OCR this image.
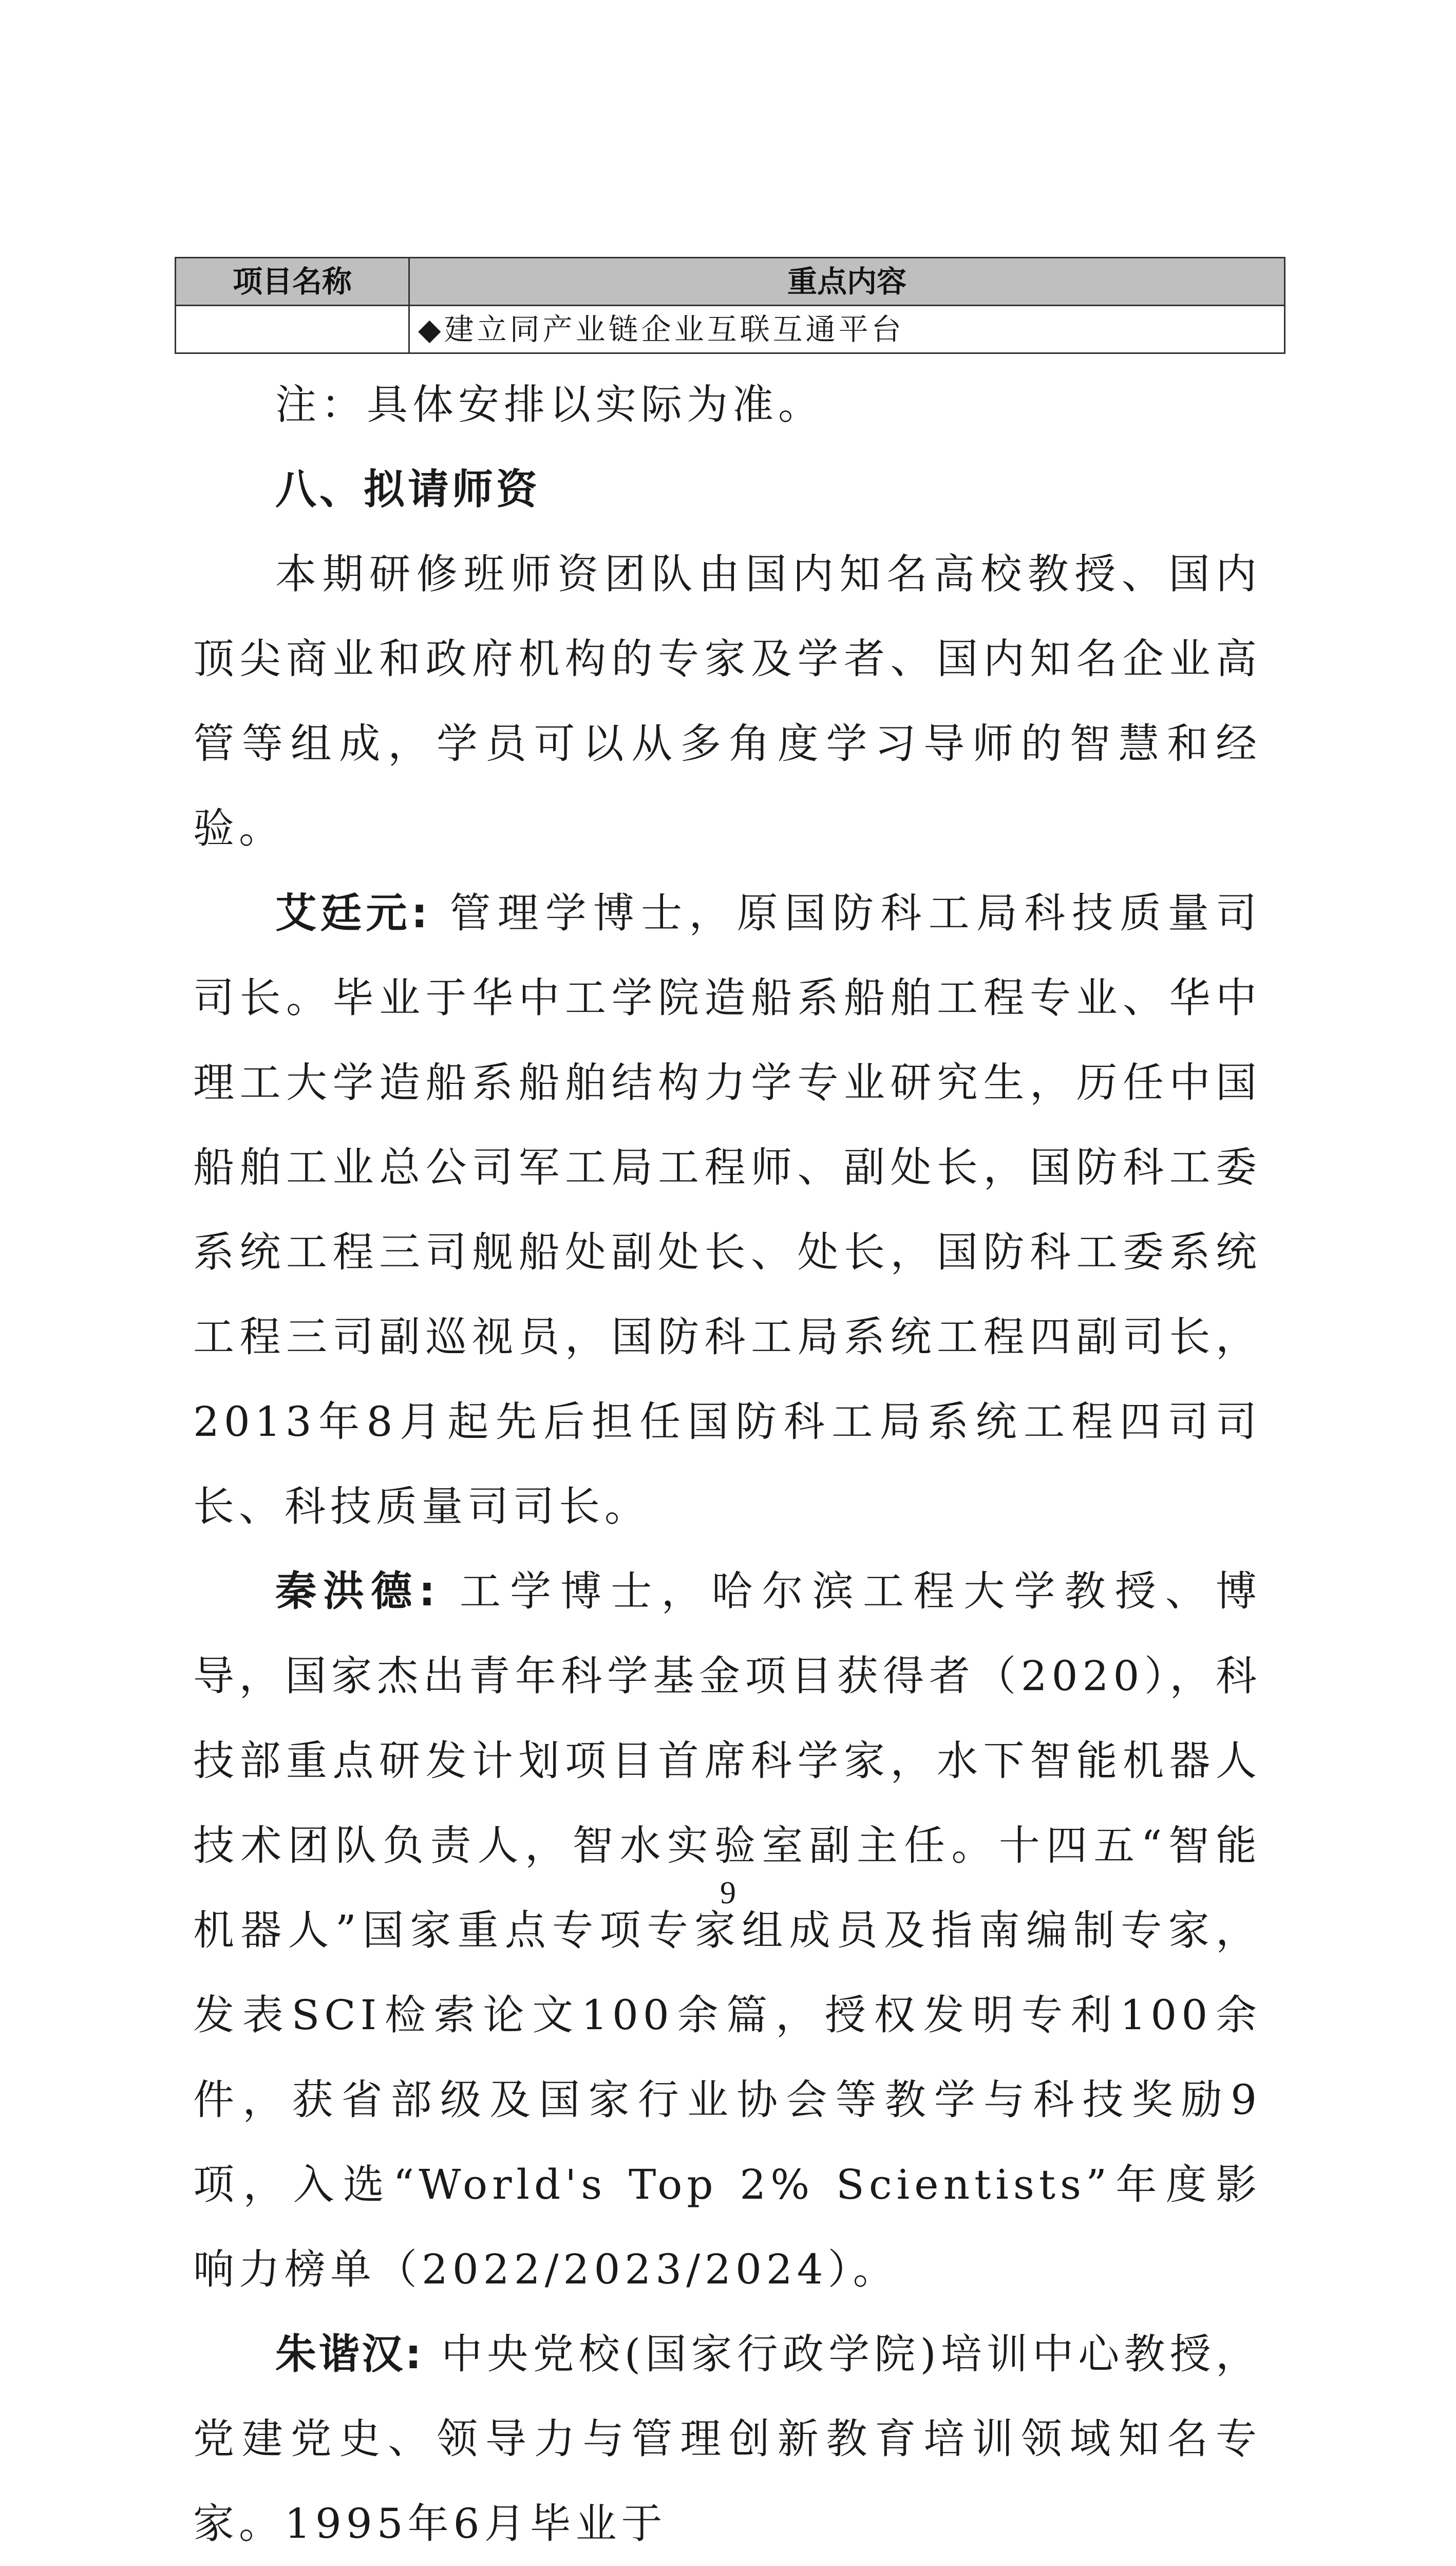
项目名称	重点内容
	◆建立同产业链企业互联互通平台

注：具体安排以实际为准。

八、拟请师资

本期研修班师资团队由国内知名高校教授、国内顶尖商业和政府机构的专家及学者、国内知名企业高管等组成，学员可以从多角度学习导师的智慧和经验。

艾廷元: 管理学博士，原国防科工局科技质量司司长。毕业于华中工学院造船系船舶工程专业、华中理工大学造船系船舶结构力学专业研究生，历任中国船舶工业总公司军工局工程师、副处长，国防科工委系统工程三司舰船处副处长、处长，国防科工委系统工程三司副巡视员，国防科工局系统工程四副司长，2013年8月起先后担任国防科工局系统工程四司司长、科技质量司司长。

秦洪德: 工学博士，哈尔滨工程大学教授、博导，国家杰出青年科学基金项目获得者（2020），科技部重点研发计划项目首席科学家，水下智能机器人技术团队负责人，智水实验室副主任。十四五“智能机器人”国家重点专项专家组成员及指南编制专家，发表SCI检索论文100余篇，授权发明专利100余件，获省部级及国家行业协会等教学与科技奖励9项，入选“World's Top 2% Scientists”年度影响力榜单（2022/2023/2024）。

朱谐汉: 中央党校(国家行政学院)培训中心教授，党建党史、领导力与管理创新教育培训领域知名专家。1995年6月毕业于

9
